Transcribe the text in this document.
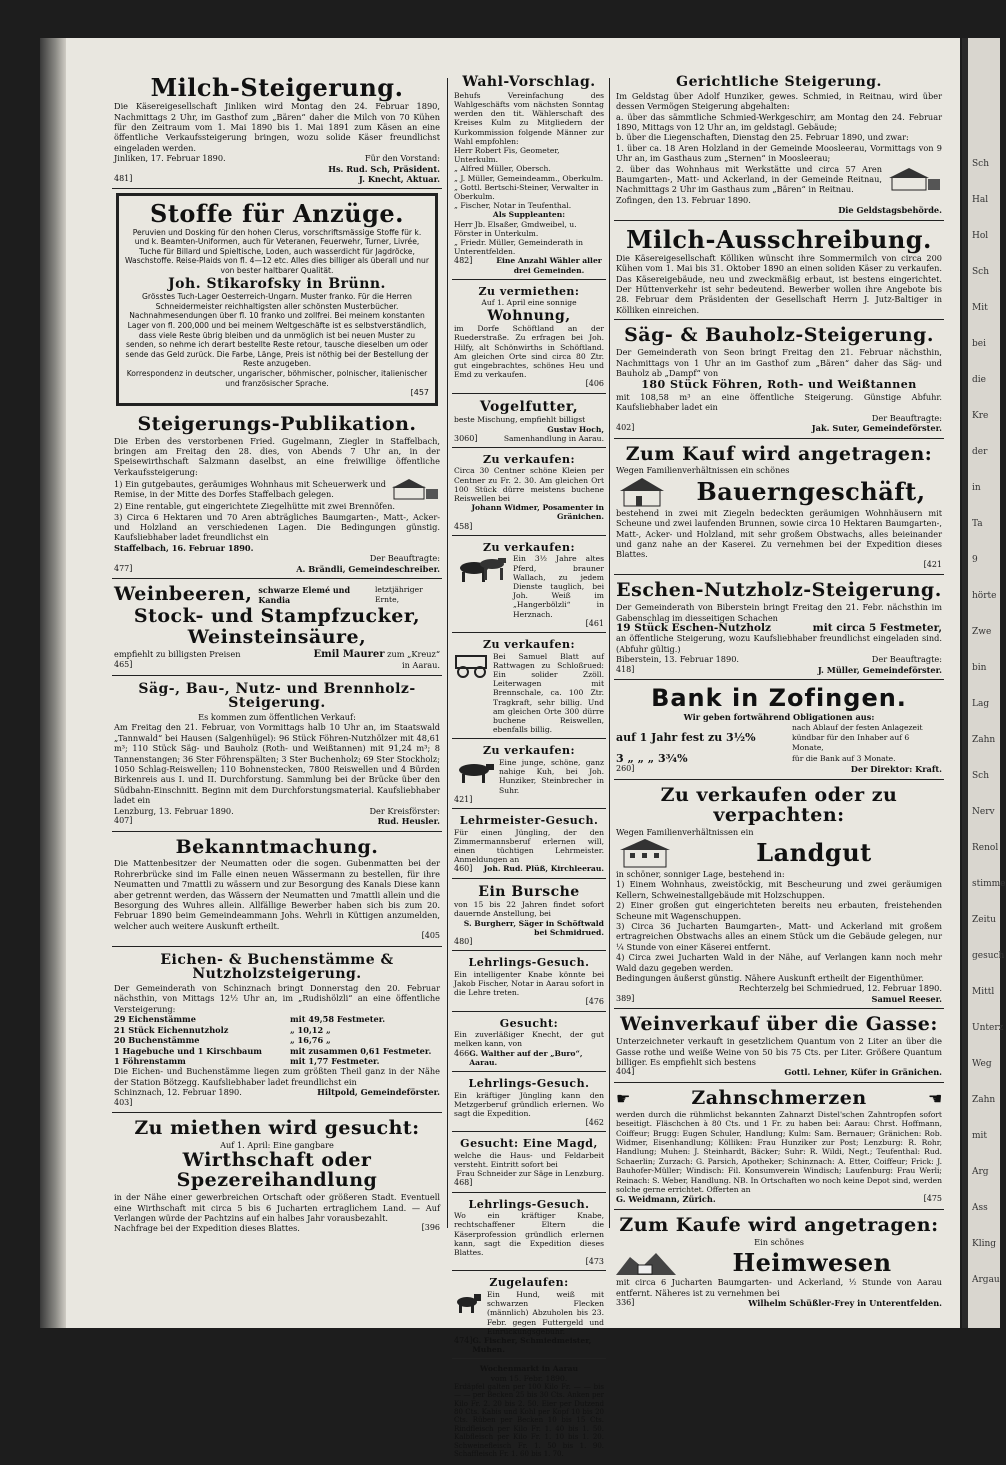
Sch
Hal
Hol
Sch
Mit
bei
die
Kre
der
in
Ta
9
hörte
Zwe
bin
Lag
Zahn
Sch
Nerv
Renol
stimme
Zeitu
gesuch
Mittl
Unterz
Weg
Zahn
mit
Arg
Ass
Kling
Argau
Milch-Steigerung.

Die Käsereigesellschaft Jinliken wird Montag den 24. Februar 1890, Nachmittags 2 Uhr, im Gasthof zum „Bären“ daher die Milch von 70 Kühen für den Zeitraum vom 1. Mai 1890 bis 1. Mai 1891 zum Käsen an eine öffentliche Verkaufssteigerung bringen, wozu solide Käser freundlichst eingeladen werden.

Jinliken, 17. Februar 1890.	Für den Vorstand:
Hs. Rud. Sch, Präsident.
481]	J. Knecht, Aktuar.
Stoffe für Anzüge.

Peruvien und Dosking für den hohen Clerus, vorschriftsmässige Stoffe für k. und k. Beamten-Uniformen, auch für Veteranen, Feuerwehr, Turner, Livrée, Tuche für Billard und Spieltische, Loden, auch wasserdicht für Jagdröcke, Waschstoffe. Reise-Plaids von fl. 4—12 etc. Alles dies billiger als überall und nur von bester haltbarer Qualität.

Joh. Stikarofsky in Brünn.

Grösstes Tuch-Lager Oesterreich-Ungarn. Muster franko. Für die Herren Schneidermeister reichhaltigsten aller schönsten Musterbücher. Nachnahmesendungen über fl. 10 franko und zollfrei. Bei meinem konstanten Lager von fl. 200,000 und bei meinem Weltgeschäfte ist es selbstverständlich, dass viele Reste übrig bleiben und da unmöglich ist bei neuen Muster zu senden, so nehme ich derart bestellte Reste retour, tausche dieselben um oder sende das Geld zurück. Die Farbe, Länge, Preis ist nöthig bei der Bestellung der Reste anzugeben.

Korrespondenz in deutscher, ungarischer, böhmischer, polnischer, italienischer und französischer Sprache.

[457
Steigerungs-Publikation.

Die Erben des verstorbenen Fried. Gugelmann, Ziegler in Staffelbach, bringen am Freitag den 28. dies, von Abends 7 Uhr an, in der Speisewirthschaft Salzmann daselbst, an eine freiwillige öffentliche Verkaufssteigerung:

1) Ein gutgebautes, geräumiges Wohnhaus mit Scheuerwerk und Remise, in der Mitte des Dorfes Staffelbach gelegen.

2) Eine rentable, gut eingerichtete Ziegelhütte mit zwei Brennöfen.

3) Circa 6 Hektaren und 70 Aren abträgliches Baumgarten-, Matt-, Acker- und Holzland an verschiedenen Lagen. Die Bedingungen günstig. Kaufsliebhaber ladet freundlichst ein

Staffelbach, 16. Februar 1890.
Der Beauftragte:
477]	A. Brändli, Gemeindeschreiber.
Weinbeeren, schwarze Elemé und Kandia
letztjähriger Ernte,
Stock- und Stampfzucker,
Weinsteinsäure,
empfiehlt zu billigsten Preisen	Emil Maurer zum „Kreuz“
465]	in Aarau.
Säg-, Bau-, Nutz- und Brennholz-Steigerung.
Es kommen zum öffentlichen Verkauf:

Am Freitag den 21. Februar, von Vormittags halb 10 Uhr an, im Staatswald „Tannwald“ bei Hausen (Salgenhügel): 96 Stück Föhren-Nutzhölzer mit 48,61 m³; 110 Stück Säg- und Bauholz (Roth- und Weißtannen) mit 91,24 m³; 8 Tannenstangen; 36 Ster Föhrenspälten; 3 Ster Buchenholz; 69 Ster Stockholz; 1050 Schlag-Reiswellen; 110 Bohnenstecken, 7800 Reiswellen und 4 Bürden Birkenreis aus I. und II. Durchforstung. Sammlung bei der Brücke über den Südbahn-Einschnitt. Beginn mit dem Durchforstungsmaterial. Kaufsliebhaber ladet ein

Lenzburg, 13. Februar 1890.	Der Kreisförster:
407]	Rud. Heusler.
Bekanntmachung.

Die Mattenbesitzer der Neumatten oder die sogen. Gubenmatten bei der Rohrerbrücke sind im Falle einen neuen Wässermann zu bestellen, für ihre Neumatten und 7mattli zu wässern und zur Besorgung des Kanals Diese kann aber getrennt werden, das Wässern der Neumatten und 7mattli allein und die Besorgung des Wuhres allein. Allfällige Bewerber haben sich bis zum 20. Februar 1890 beim Gemeindeammann Johs. Wehrli in Küttigen anzumelden, welcher auch weitere Auskunft ertheilt.

[405
Eichen- & Buchenstämme & Nutzholzsteigerung.

Der Gemeinderath von Schinznach bringt Donnerstag den 20. Februar nächsthin, von Mittags 12½ Uhr an, im „Rudishölzli“ an eine öffentliche Versteigerung:

29 Eichenstämme	mit 49,58 Festmeter.
21 Stück Eichennutzholz	„ 10,12 „
20 Buchenstämme	„ 16,76 „
1 Hagebuche und 1 Kirschbaum	mit zusammen 0,61 Festmeter.
1 Föhrenstamm	mit 1,77 Festmeter.

Die Eichen- und Buchenstämme liegen zum größten Theil ganz in der Nähe der Station Bötzegg. Kaufsliebhaber ladet freundlichst ein

Schinznach, 12. Februar 1890.	Hiltpold, Gemeindeförster.
403]
Zu miethen wird gesucht:
Auf 1. April: Eine gangbare
Wirthschaft oder Spezereihandlung

in der Nähe einer gewerbreichen Ortschaft oder größeren Stadt. Eventuell eine Wirthschaft mit circa 5 bis 6 Jucharten ertraglichem Land. — Auf Verlangen würde der Pachtzins auf ein halbes Jahr vorausbezahlt.

Nachfrage bei der Expedition dieses Blattes.	[396
Wahl-Vorschlag.

Behufs Vereinfachung des Wahlgeschäfts vom nächsten Sonntag werden den tit. Wählerschaft des Kreises Kulm zu Mitgliedern der Kurkommission folgende Männer zur Wahl empfohlen:

Herr Robert Fis, Geometer, Unterkulm.
„ Alfred Müller, Obersch.
„ J. Müller, Gemeindeamm., Oberkulm.
„ Gottl. Bertschi-Steiner, Verwalter in Oberkulm.
„ Fischer, Notar in Teufenthal.
Als Suppleanten:
Herr Jb. Elsaßer, Gmdweibel, u. Förster in Unterkulm.
„ Friedr. Müller, Gemeinderath in Unterentfelden.
482]	Eine Anzahl Wähler aller drei Gemeinden.
Zu vermiethen:
Auf 1. April eine sonnige
Wohnung,

im Dorfe Schöftland an der Ruederstraße. Zu erfragen bei Joh. Hilfy, alt Schönwirths in Schöftland. Am gleichen Orte sind circa 80 Ztr. gut eingebrachtes, schönes Heu und Emd zu verkaufen.

[406
Vogelfutter,
beste Mischung, empfiehlt billigst
Gustav Hoch,
3060]	Samenhandlung in Aarau.
Zu verkaufen:

Circa 30 Centner schöne Kleien per Centner zu Fr. 2. 30. Am gleichen Ort 100 Stück dürre meistens buchene Reiswellen bei

Johann Widmer, Posamenter in Gränichen.
458]
Zu verkaufen:

Ein 3½ Jahre altes Pferd, brauner Wallach, zu jedem Dienste tauglich, bei Joh. Weiß im „Hangerbölzli“ in Herznach.

[461
Zu verkaufen:

Bei Samuel Blatt auf Rattwagen zu Schloßrued: Ein solider Zzöll. Leiterwagen mit Brennschale, ca. 100 Ztr. Tragkraft, sehr billig. Und am gleichen Orte 300 dürre buchene Reiswellen, ebenfalls billig.

Zu verkaufen:

Eine junge, schöne, ganz nahige Kuh, bei Joh. Hunziker, Steinbrecher in Suhr.

421]
Lehrmeister-Gesuch.

Für einen Jüngling, der den Zimmermannsberuf erlernen will, einen tüchtigen Lehrmeister. Anmeldungen an

460] Joh. Rud. Plüß, Kirchleerau.
Ein Bursche

von 15 bis 22 Jahren findet sofort dauernde Anstellung, bei

S. Burgherr, Säger in Schöftwald bei Schmidrued.
480]
Lehrlings-Gesuch.

Ein intelligenter Knabe könnte bei Jakob Fischer, Notar in Aarau sofort in die Lehre treten.

[476
Gesucht:

Ein zuverläßiger Knecht, der gut melken kann, von

466 G. Walther auf der „Buro“, Aarau.
Lehrlings-Gesuch.

Ein kräftiger Jüngling kann den Metzgerberuf gründlich erlernen. Wo sagt die Expedition.

[462
Gesucht: Eine Magd,

welche die Haus- und Feldarbeit versteht. Eintritt sofort bei

Frau Schneider zur Säge in Lenzburg.
468]
Lehrlings-Gesuch.

Wo ein kräftiger Knabe, rechtschaffener Eltern die Käserprofession gründlich erlernen kann, sagt die Expedition dieses Blattes.

[473
Zugelaufen:

Ein Hund, weiß mit schwarzen Flecken (männlich) Abzuholen bis 23. Febr. gegen Futtergeld und Einrückungsgebühr.

474] G. Fischer, Schmiedmeister, Muhen.
Wochenmarkt in Aarau
vom 15. Febr. 1890.

Erdäpfel galten per 100 Kilo Fr. — — bis — — per Becken 25 bis 30 Cts. Anken per Kilo Fr. 2. 20 bis 2. 50. Eier per Dutzend 80 Cts. Kabis und Kohl per Kopf 10 bis 20 Cts. Rüben per Becken 10 bis 15 Cts. Rindfleisch per Kilo Fr. 1. 40 bis 1. 50. Kalbfleisch per Kilo Fr. 1. 10 bis 1. 20. Schweinefleisch Fr. 1. 50 bis 1. 90. Schaffleisch Fr. 1. 60 bis 1. 70.

Gerichtliche Steigerung.

Im Geldstag über Adolf Hunziker, gewes. Schmied, in Reitnau, wird über dessen Vermögen Steigerung abgehalten:

a. über das sämmtliche Schmied-Werkgeschirr, am Montag den 24. Februar 1890, Mittags von 12 Uhr an, im geldstagl. Gebäude;

b. über die Liegenschaften, Dienstag den 25. Februar 1890, und zwar:

1. über ca. 18 Aren Holzland in der Gemeinde Moosleerau, Vormittags von 9 Uhr an, im Gasthaus zum „Sternen“ in Moosleerau;

2. über das Wohnhaus mit Werkstätte und circa 57 Aren Baumgarten-, Matt- und Ackerland, in der Gemeinde Reitnau, Nachmittags 2 Uhr im Gasthaus zum „Bären“ in Reitnau.

Zofingen, den 13. Februar 1890.
Die Geldstagsbehörde.
Milch-Ausschreibung.

Die Käsereigesellschaft Kölliken wünscht ihre Sommermilch von circa 200 Kühen vom 1. Mai bis 31. Oktober 1890 an einen soliden Käser zu verkaufen. Das Käsereigebäude, neu und zweckmäßig erbaut, ist bestens eingerichtet. Der Hüttenverkehr ist sehr bedeutend. Bewerber wollen ihre Angebote bis 28. Februar dem Präsidenten der Gesellschaft Herrn J. Jutz-Baltiger in Kölliken einreichen.

Säg- & Bauholz-Steigerung.

Der Gemeinderath von Seon bringt Freitag den 21. Februar nächsthin, Nachmittags von 1 Uhr an im Gasthof zum „Bären“ daher das Säg- und Bauholz ab „Dampf“ von

180 Stück Föhren, Roth- und Weißtannen

mit 108,58 m³ an eine öffentliche Steigerung. Günstige Abfuhr. Kaufsliebhaber ladet ein

Der Beauftragte:
402]	Jak. Suter, Gemeindeförster.
Zum Kauf wird angetragen:
Wegen Familienverhältnissen ein schönes
Bauerngeschäft,

bestehend in zwei mit Ziegeln bedeckten geräumigen Wohnhäusern mit Scheune und zwei laufenden Brunnen, sowie circa 10 Hektaren Baumgarten-, Matt-, Acker- und Holzland, mit sehr großem Obstwachs, alles beieinander und ganz nahe an der Kaserei. Zu vernehmen bei der Expedition dieses Blattes.

[421
Eschen-Nutzholz-Steigerung.

Der Gemeinderath von Biberstein bringt Freitag den 21. Febr. nächsthin im Gabenschlag im diesseitigen Schachen

19 Stück Eschen-Nutzholz	mit circa 5 Festmeter,

an öffentliche Steigerung, wozu Kaufsliebhaber freundlichst eingeladen sind. (Abfuhr gültig.)

Biberstein, 13. Februar 1890.	Der Beauftragte:
418]	J. Müller, Gemeindeförster.
Bank in Zofingen.
Wir geben fortwährend Obligationen aus:
auf 1 Jahr fest zu 3½%
nach Ablauf der festen Anlagezeit kündbar für den Inhaber auf 6 Monate,
3 „ „ „ 3¾%	für die Bank auf 3 Monate.
260]	Der Direktor: Kraft.
Zu verkaufen oder zu verpachten:
Wegen Familienverhältnissen ein
Landgut

in schöner, sonniger Lage, bestehend in:

1) Einem Wohnhaus, zweistöckig, mit Bescheurung und zwei geräumigen Kellern, Schweinestallgebäude mit Holzschuppen.

2) Einer großen gut eingerichteten bereits neu erbauten, freistehenden Scheune mit Wagenschuppen.

3) Circa 36 Jucharten Baumgarten-, Matt- und Ackerland mit großem ertragreichen Obstwachs alles an einem Stück um die Gebäude gelegen, nur ¼ Stunde von einer Käserei entfernt.

4) Circa zwei Jucharten Wald in der Nähe, auf Verlangen kann noch mehr Wald dazu gegeben werden.

Bedingungen äußerst günstig. Nähere Auskunft ertheilt der Eigenthümer.

Rechterzelg bei Schmiedrued, 12. Februar 1890.
389]	Samuel Reeser.
Weinverkauf über die Gasse:

Unterzeichneter verkauft in gesetzlichem Quantum von 2 Liter an über die Gasse rothe und weiße Weine von 50 bis 75 Cts. per Liter. Größere Quantum billiger. Es empfiehlt sich bestens

404]	Gottl. Lehner, Küfer in Gränichen.
☛	Zahnschmerzen	☛

werden durch die rühmlichst bekannten Zahnarzt Distel'schen Zahntropfen sofort beseitigt. Fläschchen à 80 Cts. und 1 Fr. zu haben bei: Aarau: Chrst. Hoffmann, Coiffeur; Brugg: Eugen Schuler, Handlung; Kulm: Sam. Bernauer; Gränichen: Rob. Widmer, Eisenhandlung; Kölliken: Frau Hunziker zur Post; Lenzburg: R. Rohr, Handlung; Muhen: J. Steinhardt, Bäcker; Suhr: R. Wildi, Negt.; Teufenthal: Rud. Schaerlin; Zurzach: G. Parsich, Apotheker; Schinznach: A. Etter, Coiffeur; Frick: J. Bauhofer-Müller; Windisch: Fil. Konsumverein Windisch; Laufenburg: Frau Werli; Reinach: S. Weber, Handlung. NB. In Ortschaften wo noch keine Depot sind, werden solche gerne errichtet. Offerten an

G. Weidmann, Zürich.	[475
Zum Kaufe wird angetragen:
Ein schönes
Heimwesen

mit circa 6 Jucharten Baumgarten- und Ackerland, ½ Stunde von Aarau entfernt. Näheres ist zu vernehmen bei

336]	Wilhelm Schüßler-Frey in Unterentfelden.
